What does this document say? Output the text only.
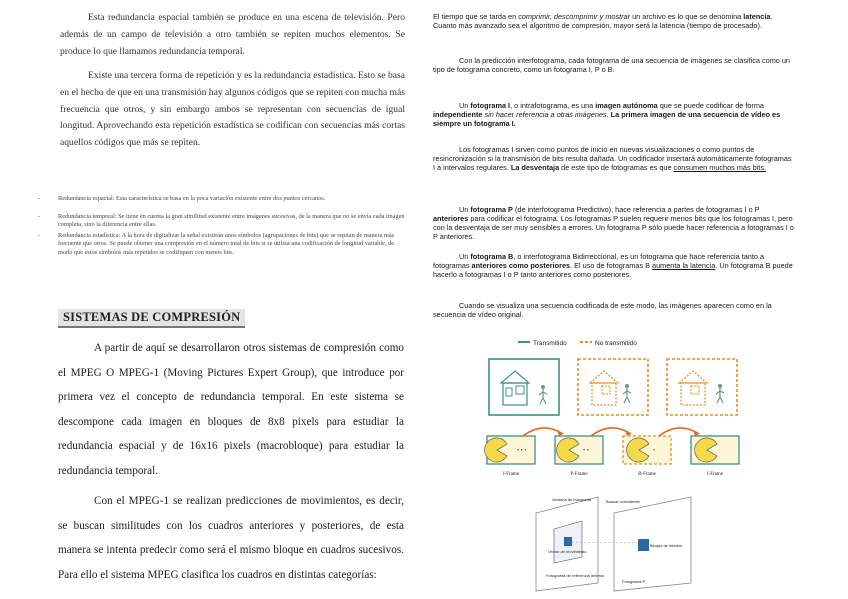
Esta redundancia espacial también se produce en una escena de televisión. Pero además de un campo de televisión a otro también se repiten muchos elementos. Se produce lo que llamamos redundancia temporal.

Existe una tercera forma de repetición y es la redundancia estadística. Esto se basa en el hecho de que en una transmisión hay algunos códigos que se repiten con mucha más frecuencia que otros, y sin embargo ambos se representan con secuencias de igual longitud. Aprovechando esta repetición estadística se codifican con secuencias más cortas aquellos códigos que más se repiten.

-	Redundancia espacial: Esta característica se basa en la poca variación existente entre dos puntos cercanos.
-	Redundancia temporal: Se tiene en cuenta la gran similitud existente entre imágenes sucesivas, de la manera que no se envía cada imagen completa, sino la diferencia entre ellas.
-	Redundancia estadística: A la hora de digitalizar la señal existirán unos símbolos (agrupaciones de bits) que se repitan de manera más frecuente que otros. Se puede obtener una compresión en el número total de bits si se utiliza una codificación de longitud variable, de modo que estos símbolos más repetidos se codifiquen con menos bits.
SISTEMAS DE COMPRESIÓN

A partir de aquí se desarrollaron otros sistemas de compresión como el MPEG O MPEG-1 (Moving Pictures Expert Group), que introduce por primera vez el concepto de redundancia temporal. En este sistema se descompone cada imagen en bloques de 8x8 pixels para estudiar la redundancia espacial y de 16x16 pixels (macrobloque) para estudiar la redundancia temporal.

Con el MPEG-1 se realizan predicciones de movimientos, es decir, se buscan similitudes con los cuadros anteriores y posteriores, de esta manera se intenta predecir como será el mismo bloque en cuadros sucesivos. Para ello el sistema MPEG clasifica los cuadros en distintas categorías:

El tiempo que se tarda en comprimir, descomprimir y mostrar un archivo es lo que se denomina latencia. Cuanto más avanzado sea el algoritmo de compresión, mayor será la latencia (tiempo de procesado).

Con la predicción interfotograma, cada fotograma de una secuencia de imágenes se clasifica como un tipo de fotograma concreto, como un fotograma I, P o B.

Un fotograma I, o intrafotograma, es una imagen autónoma que se puede codificar de forma independiente sin hacer referencia a otras imágenes. La primera imagen de una secuencia de vídeo es siempre un fotograma I.

Los fotogramas I sirven como puntos de inicio en nuevas visualizaciones o como puntos de resincronización si la transmisión de bits resulta dañada. Un codificador insertará automáticamente fotogramas I a intervalos regulares. La desventaja de este tipo de fotogramas es que consumen muchos más bits.

Un fotograma P (de interfotograma Predictivo), hace referencia a partes de fotogramas I o P anteriores para codificar el fotograma. Los fotogramas P suelen requerir menos bits que los fotogramas I, pero con la desventaja de ser muy sensibles a errores. Un fotograma P sólo puede hacer referencia a fotogramas I o P anteriores.

Un fotograma B, o interfotograma Bidirreccional, es un fotograma que hace referencia tanto a fotogramas anteriores como posteriores. El uso de fotogramas B aumenta la latencia. Un fotograma B puede hacerlo a fotogramas I o P tanto anteriores como posteriores.

Cuando se visualiza una secuencia codificada de este modo, las imágenes aparecen como en la secuencia de vídeo original.

Transmitido	No transmitido
• • •	• •	•
I-Frame	P-Frame	B-Frame	I-Frame
Ventana de búsqueda	Buscar coincidente
Vector de movimiento
Bloque de destino
Fotograma de referencia anterior
Fotograma P
